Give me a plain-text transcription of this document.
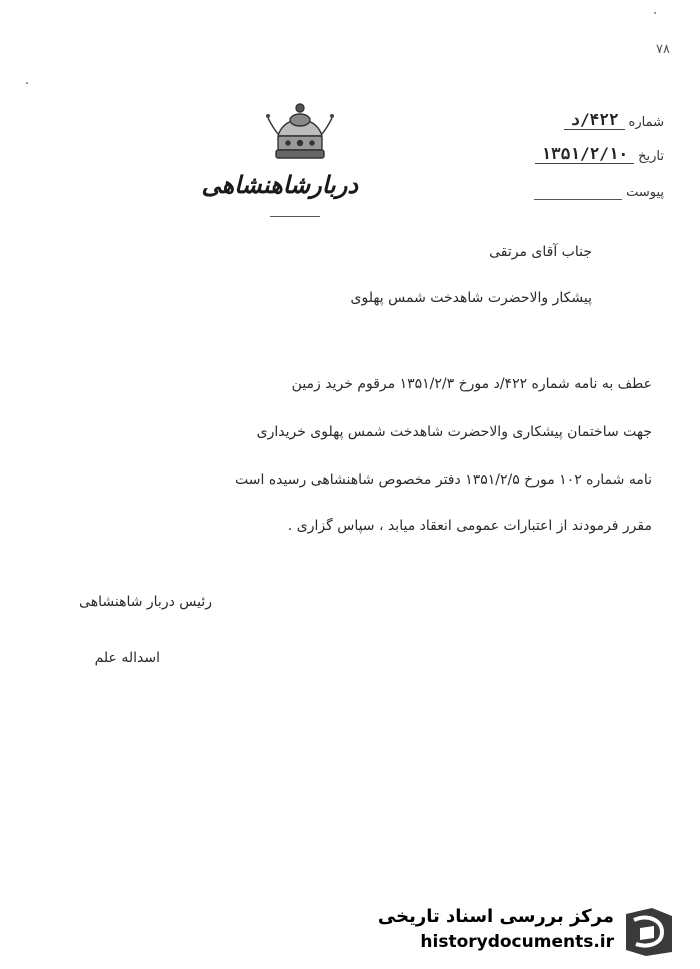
۷۸
دربارشاهنشاهی
شماره
۴۲۲/د
تاریخ
۱۳۵۱/۲/۱۰
پیوست
جناب آقای مرتقی
پیشکار والاحضرت شاهدخت شمس پهلوی
عطف به نامه شماره ۴۲۲/د مورخ ۱۳۵۱/۲/۳ مرقوم خرید زمین
جهت ساختمان پیشکاری والاحضرت شاهدخت شمس پهلوی خریداری
نامه شماره ۱۰۲ مورخ ۱۳۵۱/۲/۵ دفتر مخصوص شاهنشاهی رسیده است
مقرر فرمودند از اعتبارات عمومی انعقاد میابد ، سپاس گزاری .
رئیس دربار شاهنشاهی
اسداله علم
مرکز بررسی اسناد تاریخی
historydocuments.ir
